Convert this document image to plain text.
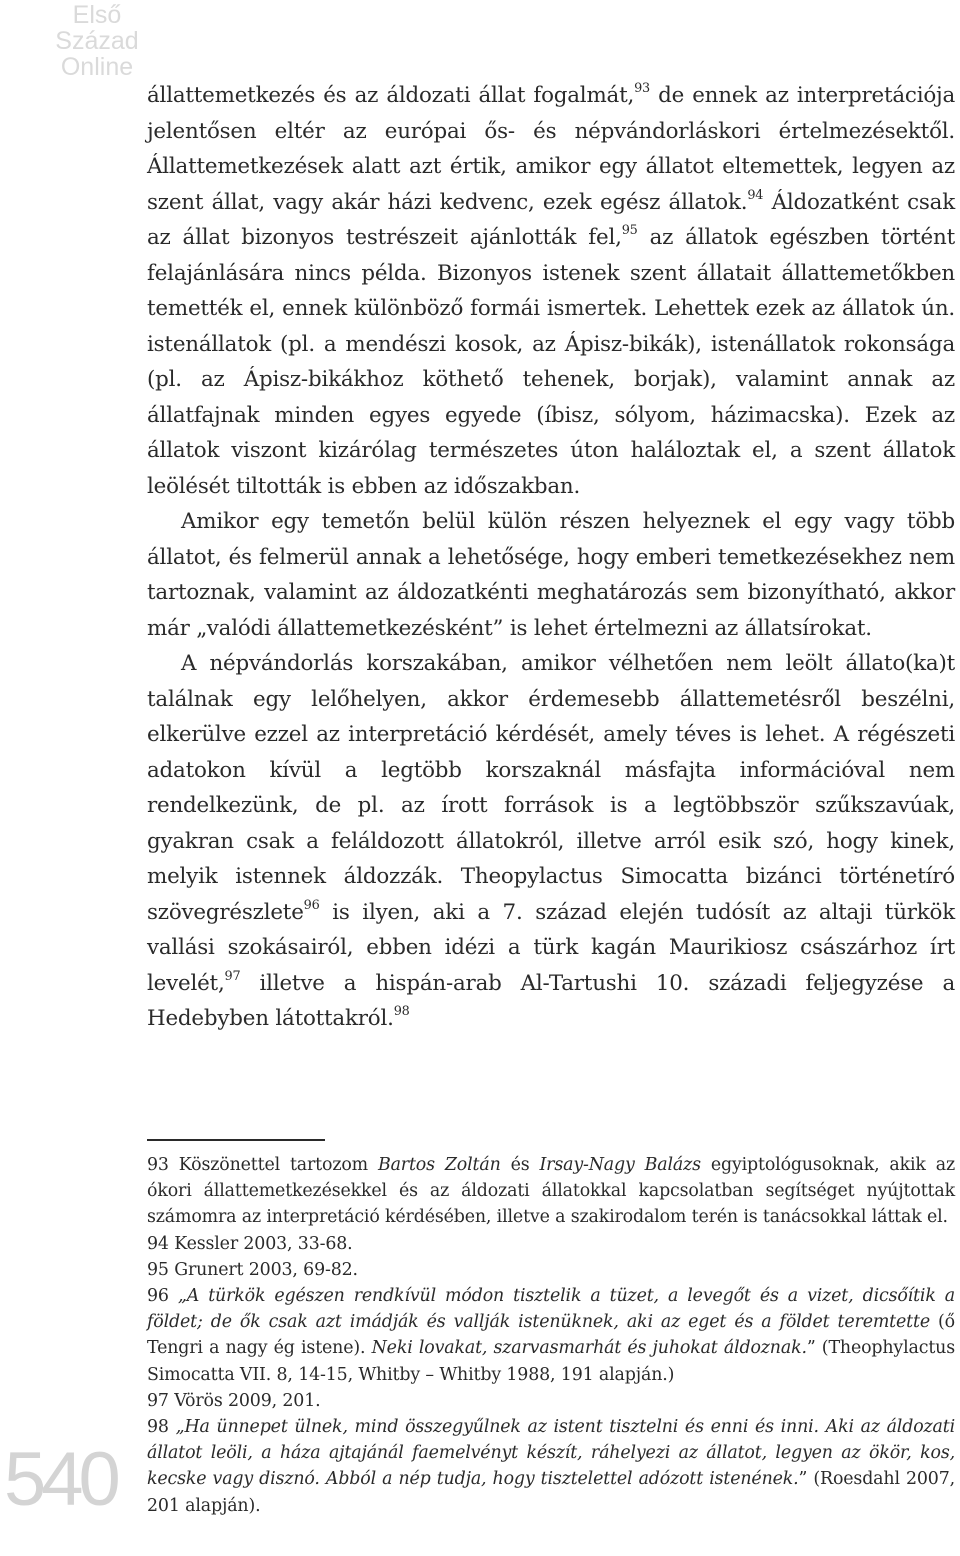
Első
Század
Online

állattemetkezés és az áldozati állat fogalmát,$^{93}$ de ennek az interpretációja jelentősen eltér az európai ős- és népvándorláskori értelmezésektől. Állattemetkezések alatt azt értik, amikor egy állatot eltemettek, legyen az szent állat, vagy akár házi kedvenc, ezek egész állatok.$^{94}$ Áldozatként csak az állat bizonyos testrészeit ajánlották fel,$^{95}$ az állatok egészben történt felajánlására nincs példa. Bizonyos istenek szent állatait állattemetőkben temették el, ennek különböző formái ismertek. Lehettek ezek az állatok ún. istenállatok (pl. a mendészi kosok, az Ápisz-bikák), istenállatok rokonsága (pl. az Ápisz-bikákhoz köthető tehenek, borjak), valamint annak az állatfajnak minden egyes egyede (íbisz, sólyom, házimacska). Ezek az állatok viszont kizárólag természetes úton haláloztak el, a szent állatok leölését tiltották is ebben az időszakban.

Amikor egy temetőn belül külön részen helyeznek el egy vagy több állatot, és felmerül annak a lehetősége, hogy emberi temetkezésekhez nem tartoznak, valamint az áldozatkénti meghatározás sem bizonyítható, akkor már „valódi állattemetkezésként” is lehet értelmezni az állatsírokat.

A népvándorlás korszakában, amikor vélhetően nem leölt állato(ka)t találnak egy lelőhelyen, akkor érdemesebb állattemetésről beszélni, elkerülve ezzel az interpretáció kérdését, amely téves is lehet. A régészeti adatokon kívül a legtöbb korszaknál másfajta információval nem rendelkezünk, de pl. az írott források is a legtöbbször szűkszavúak, gyakran csak a feláldozott állatokról, illetve arról esik szó, hogy kinek, melyik istennek áldozzák. Theopylactus Simocatta bizánci történetíró szövegrészlete$^{96}$ is ilyen, aki a 7. század elején tudósít az altaji türkök vallási szokásairól, ebben idézi a türk kagán Maurikiosz császárhoz írt levelét,$^{97}$ illetve a hispán-arab Al-Tartushi 10. századi feljegyzése a Hedebyben látottakról.$^{98}$

93 Köszönettel tartozom Bartos Zoltán és Irsay-Nagy Balázs egyiptológusoknak, akik az ókori állattemetkezésekkel és az áldozati állatokkal kapcsolatban segítséget nyújtottak számomra az interpretáció kérdésében, illetve a szakirodalom terén is tanácsokkal láttak el.

94 Kessler 2003, 33-68.

95 Grunert 2003, 69-82.

96 „A türkök egészen rendkívül módon tisztelik a tüzet, a levegőt és a vizet, dicsőítik a földet; de ők csak azt imádják és vallják istenüknek, aki az eget és a földet teremtette (ő Tengri a nagy ég istene). Neki lovakat, szarvasmarhát és juhokat áldoznak.” (Theophylactus Simocatta VII. 8, 14-15, Whitby – Whitby 1988, 191 alapján.)

97 Vörös 2009, 201.

98 „Ha ünnepet ülnek, mind összegyűlnek az istent tisztelni és enni és inni. Aki az áldozati állatot leöli, a háza ajtajánál faemelvényt készít, ráhelyezi az állatot, legyen az ökör, kos, kecske vagy disznó. Abból a nép tudja, hogy tisztelettel adózott istenének.” (Roesdahl 2007, 201 alapján).

540
